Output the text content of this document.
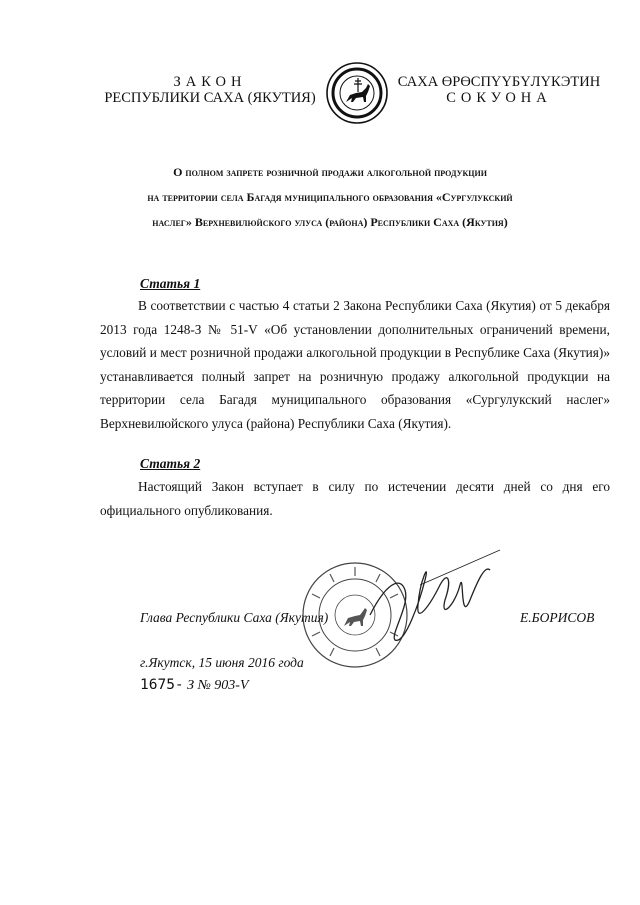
ЗАКОН
РЕСПУБЛИКИ САХА (ЯКУТИЯ)
САХА ӨРӨСПҮҮБҮЛҮКЭТИН
СОКУОНА
О полном запрете розничной продажи алкогольной продукции
на территории села Багадя муниципального образования «Сургулукский
наслег» Верхневилюйского улуса (района) Республики Саха (Якутия)
Статья 1
В соответствии с частью 4 статьи 2 Закона Республики Саха (Якутия) от 5 декабря 2013 года 1248-З № 51-V «Об установлении дополнительных ограничений времени, условий и мест розничной продажи алкогольной продукции в Республике Саха (Якутия)» устанавливается полный запрет на розничную продажу алкогольной продукции на территории села Багадя муниципального образования «Сургулукский наслег» Верхневилюйского улуса (района) Республики Саха (Якутия).
Статья 2
Настоящий Закон вступает в силу по истечении десяти дней со дня его официального опубликования.
Глава Республики Саха (Якутия)	Е.БОРИСОВ
г.Якутск, 15 июня 2016 года
1675- З № 903-V
